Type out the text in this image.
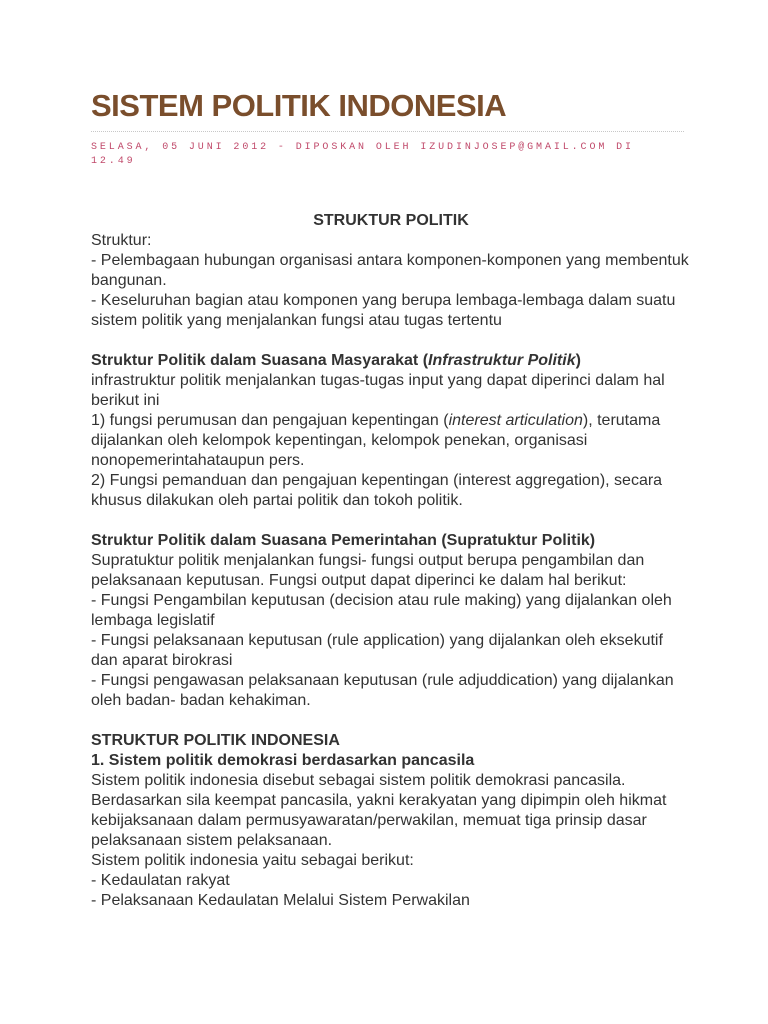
SISTEM POLITIK INDONESIA
SELASA, 05 JUNI 2012 - DIPOSKAN OLEH IZUDINJOSEP@GMAIL.COM DI
12.49

STRUKTUR POLITIK

Struktur:

- Pelembagaan hubungan organisasi antara komponen-komponen yang membentuk bangunan.

- Keseluruhan bagian atau komponen yang berupa lembaga-lembaga dalam suatu sistem politik yang menjalankan fungsi atau tugas tertentu

Struktur Politik dalam Suasana Masyarakat (Infrastruktur Politik)

infrastruktur politik menjalankan tugas-tugas input yang dapat diperinci dalam hal berikut ini

1) fungsi perumusan dan pengajuan kepentingan (interest articulation), terutama dijalankan oleh kelompok kepentingan, kelompok penekan, organisasi nonopemerintahataupun pers.

2) Fungsi pemanduan dan pengajuan kepentingan (interest aggregation), secara khusus dilakukan oleh partai politik dan tokoh politik.

Struktur Politik dalam Suasana Pemerintahan (Supratuktur Politik)

Supratuktur politik menjalankan fungsi- fungsi output berupa pengambilan dan pelaksanaan keputusan. Fungsi output dapat diperinci ke dalam hal berikut:

- Fungsi Pengambilan keputusan (decision atau rule making) yang dijalankan oleh lembaga legislatif

- Fungsi pelaksanaan keputusan (rule application) yang dijalankan oleh eksekutif dan aparat birokrasi

- Fungsi pengawasan pelaksanaan keputusan (rule adjuddication) yang dijalankan oleh badan- badan kehakiman.

STRUKTUR POLITIK INDONESIA

1. Sistem politik demokrasi berdasarkan pancasila

Sistem politik indonesia disebut sebagai sistem politik demokrasi pancasila. Berdasarkan sila keempat pancasila, yakni kerakyatan yang dipimpin oleh hikmat kebijaksanaan dalam permusyawaratan/perwakilan, memuat tiga prinsip dasar pelaksanaan sistem pelaksanaan.

Sistem politik indonesia yaitu sebagai berikut:

- Kedaulatan rakyat

- Pelaksanaan Kedaulatan Melalui Sistem Perwakilan
